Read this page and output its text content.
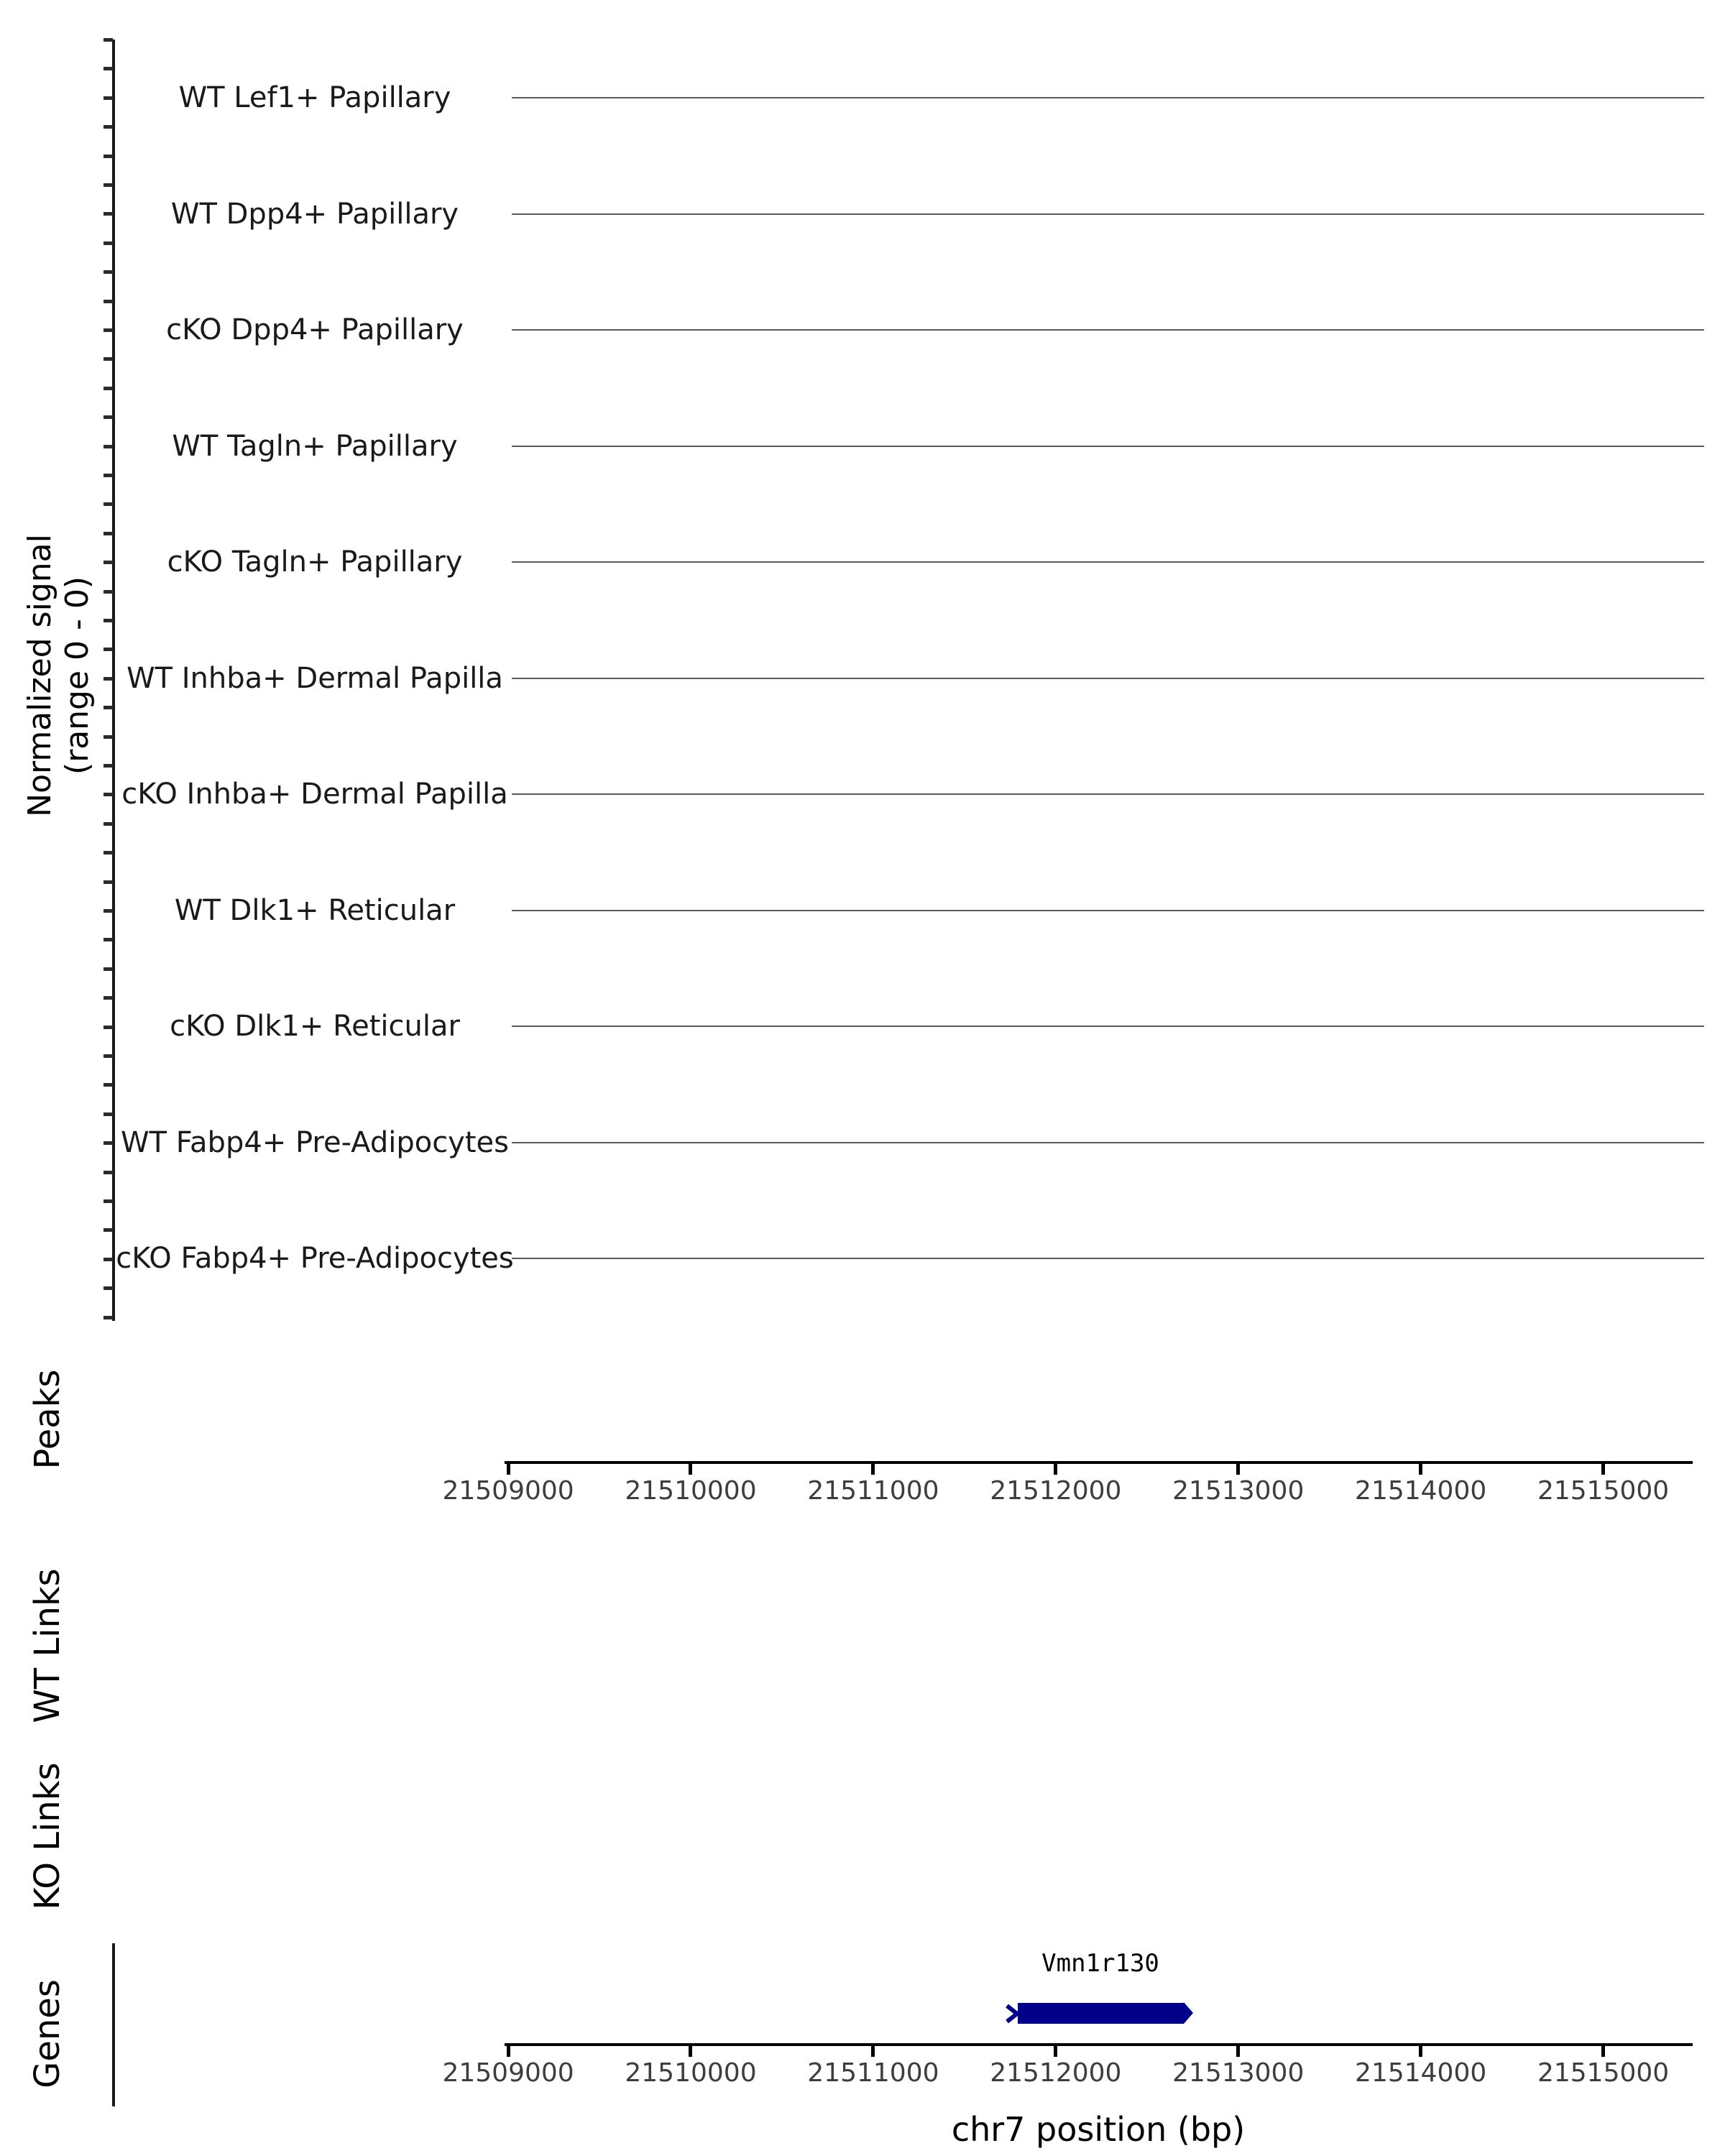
Normalized signal (range 0 - 0)
WT Lef1+ Papillary
WT Dpp4+ Papillary
cKO Dpp4+ Papillary
WT Tagln+ Papillary
cKO Tagln+ Papillary
WT Inhba+ Dermal Papilla
cKO Inhba+ Dermal Papilla
WT Dlk1+ Reticular
cKO Dlk1+ Reticular
WT Fabp4+ Pre-Adipocytes
cKO Fabp4+ Pre-Adipocytes
Peaks
WT Links
KO Links
Genes
21509000 21510000 21511000 21512000 21513000 21514000 21515000
Vmn1r130
21509000 21510000 21511000 21512000 21513000 21514000 21515000
chr7 position (bp)
